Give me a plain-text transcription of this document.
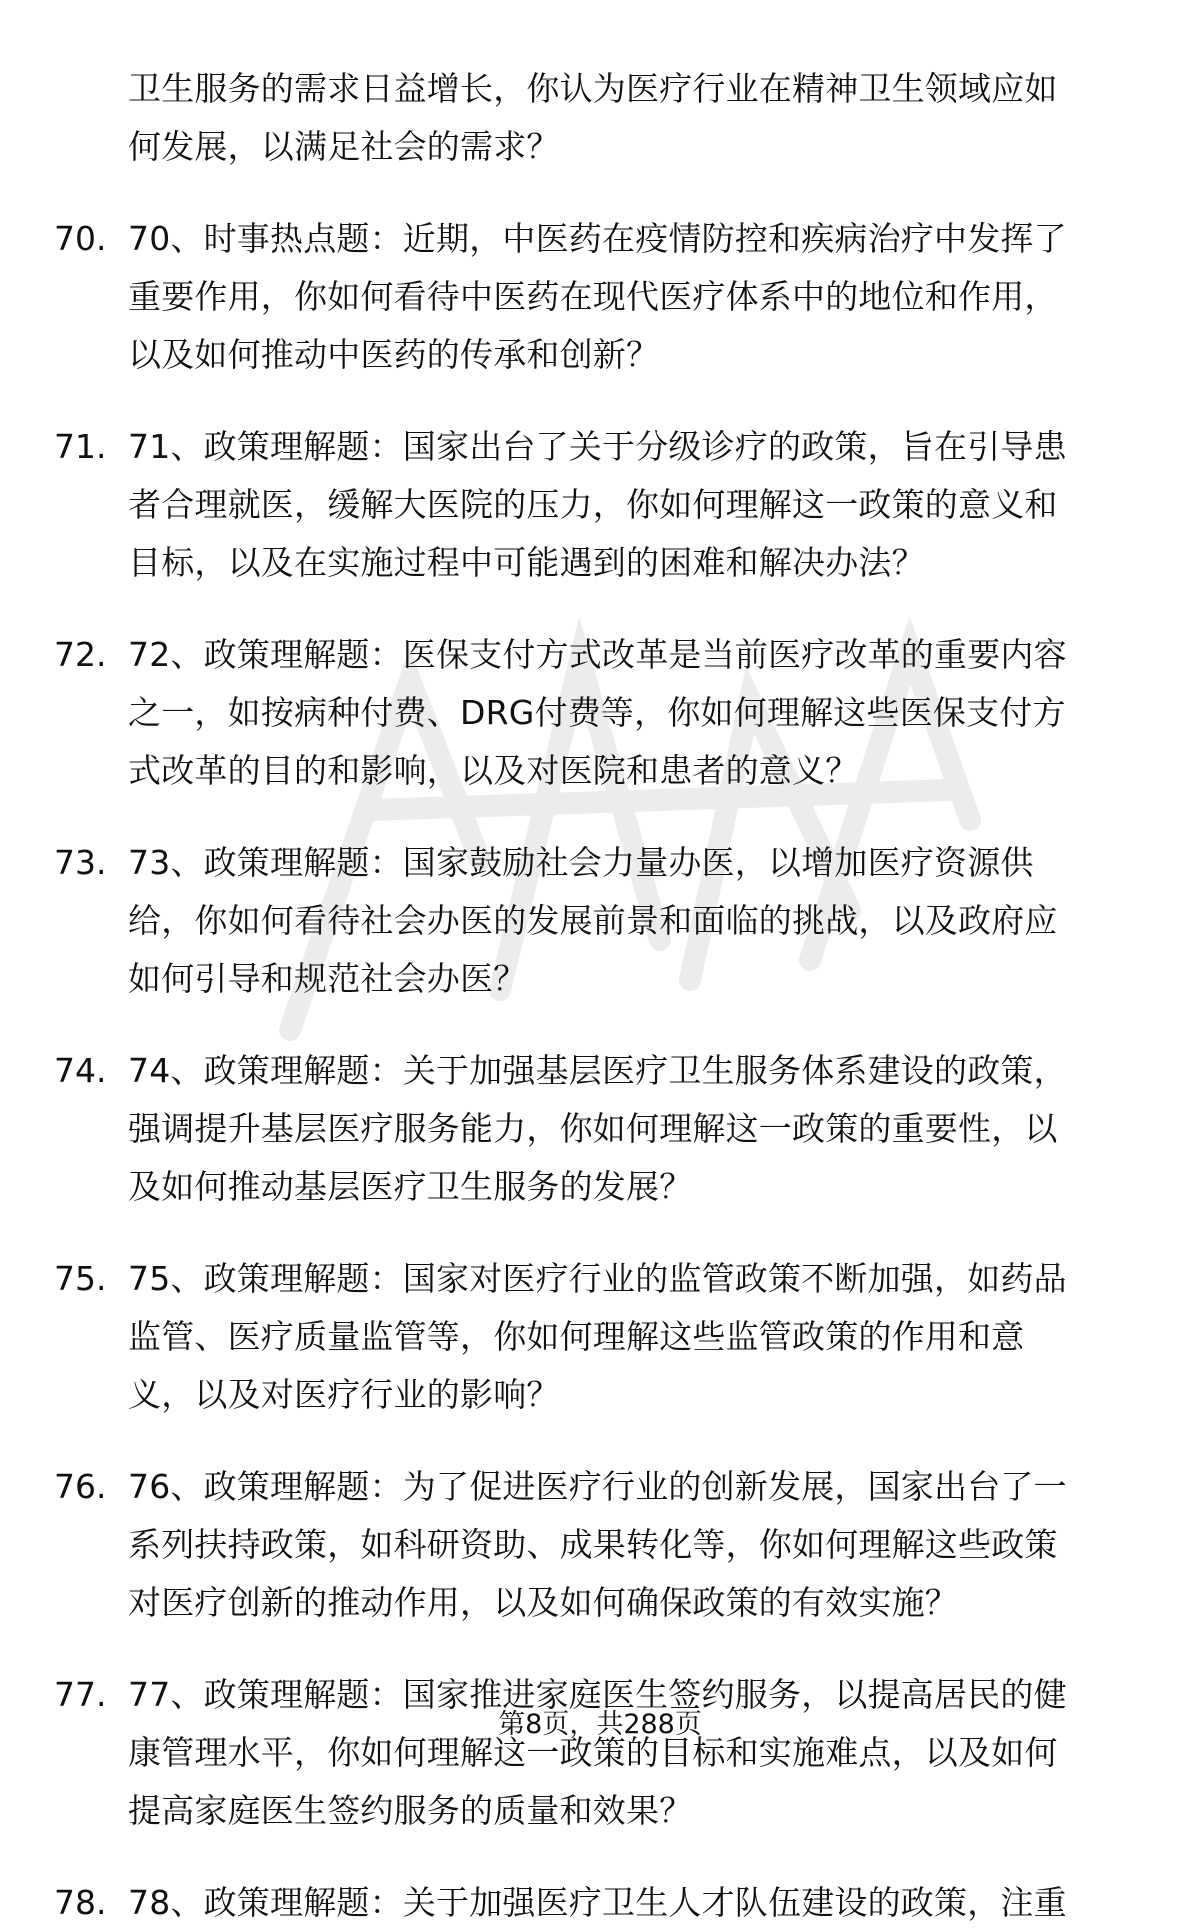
卫生服务的需求日益增长，你认为医疗行业在精神卫生领域应如
何发展，以满足社会的需求？
70. 70、时事热点题：近期，中医药在疫情防控和疾病治疗中发挥了
重要作用，你如何看待中医药在现代医疗体系中的地位和作用，
以及如何推动中医药的传承和创新？
71. 71、政策理解题：国家出台了关于分级诊疗的政策，旨在引导患
者合理就医，缓解大医院的压力，你如何理解这一政策的意义和
目标，以及在实施过程中可能遇到的困难和解决办法？
72. 72、政策理解题：医保支付方式改革是当前医疗改革的重要内容
之一，如按病种付费、DRG付费等，你如何理解这些医保支付方
式改革的目的和影响，以及对医院和患者的意义？
73. 73、政策理解题：国家鼓励社会力量办医，以增加医疗资源供
给，你如何看待社会办医的发展前景和面临的挑战，以及政府应
如何引导和规范社会办医？
74. 74、政策理解题：关于加强基层医疗卫生服务体系建设的政策，
强调提升基层医疗服务能力，你如何理解这一政策的重要性，以
及如何推动基层医疗卫生服务的发展？
75. 75、政策理解题：国家对医疗行业的监管政策不断加强，如药品
监管、医疗质量监管等，你如何理解这些监管政策的作用和意
义，以及对医疗行业的影响？
76. 76、政策理解题：为了促进医疗行业的创新发展，国家出台了一
系列扶持政策，如科研资助、成果转化等，你如何理解这些政策
对医疗创新的推动作用，以及如何确保政策的有效实施？
77. 77、政策理解题：国家推进家庭医生签约服务，以提高居民的健
康管理水平，你如何理解这一政策的目标和实施难点，以及如何
提高家庭医生签约服务的质量和效果？
78. 78、政策理解题：关于加强医疗卫生人才队伍建设的政策，注重
第8页，共288页
